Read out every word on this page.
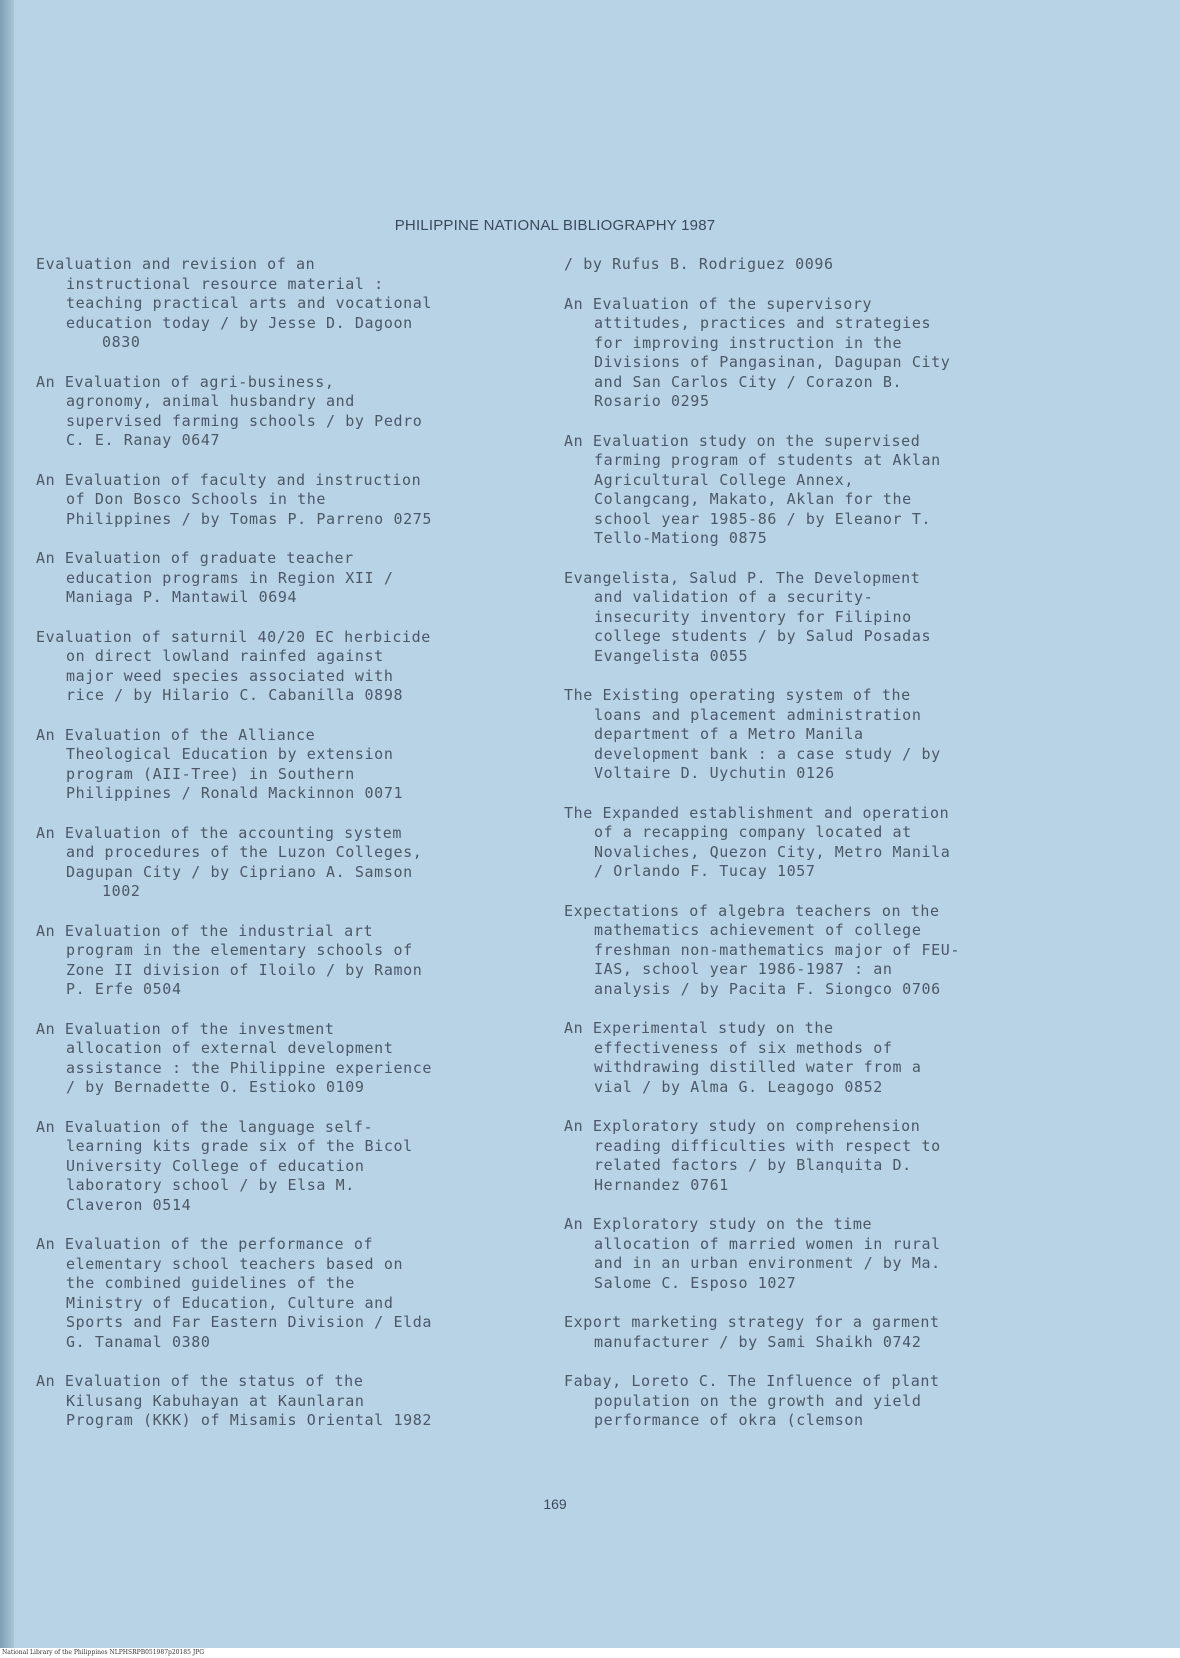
PHILIPPINE NATIONAL BIBLIOGRAPHY 1987
Evaluation and revision of an
instructional resource material :
teaching practical arts and vocational
education today / by Jesse D. Dagoon
0830
An Evaluation of agri-business,
agronomy, animal husbandry and
supervised farming schools / by Pedro
C. E. Ranay 0647
An Evaluation of faculty and instruction
of Don Bosco Schools in the
Philippines / by Tomas P. Parreno 0275
An Evaluation of graduate teacher
education programs in Region XII /
Maniaga P. Mantawil 0694
Evaluation of saturnil 40/20 EC herbicide
on direct lowland rainfed against
major weed species associated with
rice / by Hilario C. Cabanilla 0898
An Evaluation of the Alliance
Theological Education by extension
program (AII-Tree) in Southern
Philippines / Ronald Mackinnon 0071
An Evaluation of the accounting system
and procedures of the Luzon Colleges,
Dagupan City / by Cipriano A. Samson
1002
An Evaluation of the industrial art
program in the elementary schools of
Zone II division of Iloilo / by Ramon
P. Erfe 0504
An Evaluation of the investment
allocation of external development
assistance : the Philippine experience
/ by Bernadette O. Estioko 0109
An Evaluation of the language self-
learning kits grade six of the Bicol
University College of education
laboratory school / by Elsa M.
Claveron 0514
An Evaluation of the performance of
elementary school teachers based on
the combined guidelines of the
Ministry of Education, Culture and
Sports and Far Eastern Division / Elda
G. Tanamal 0380
An Evaluation of the status of the
Kilusang Kabuhayan at Kaunlaran
Program (KKK) of Misamis Oriental 1982
/ by Rufus B. Rodriguez 0096
An Evaluation of the supervisory
attitudes, practices and strategies
for improving instruction in the
Divisions of Pangasinan, Dagupan City
and San Carlos City / Corazon B.
Rosario 0295
An Evaluation study on the supervised
farming program of students at Aklan
Agricultural College Annex,
Colangcang, Makato, Aklan for the
school year 1985-86 / by Eleanor T.
Tello-Mationg 0875
Evangelista, Salud P. The Development
and validation of a security-
insecurity inventory for Filipino
college students / by Salud Posadas
Evangelista 0055
The Existing operating system of the
loans and placement administration
department of a Metro Manila
development bank : a case study / by
Voltaire D. Uychutin 0126
The Expanded establishment and operation
of a recapping company located at
Novaliches, Quezon City, Metro Manila
/ Orlando F. Tucay 1057
Expectations of algebra teachers on the
mathematics achievement of college
freshman non-mathematics major of FEU-
IAS, school year 1986-1987 : an
analysis / by Pacita F. Siongco 0706
An Experimental study on the
effectiveness of six methods of
withdrawing distilled water from a
vial / by Alma G. Leagogo 0852
An Exploratory study on comprehension
reading difficulties with respect to
related factors / by Blanquita D.
Hernandez 0761
An Exploratory study on the time
allocation of married women in rural
and in an urban environment / by Ma.
Salome C. Esposo 1027
Export marketing strategy for a garment
manufacturer / by Sami Shaikh 0742
Fabay, Loreto C. The Influence of plant
population on the growth and yield
performance of okra (clemson
169
National Library of the Philippines NLPHSRPB051987p20185 JPG
